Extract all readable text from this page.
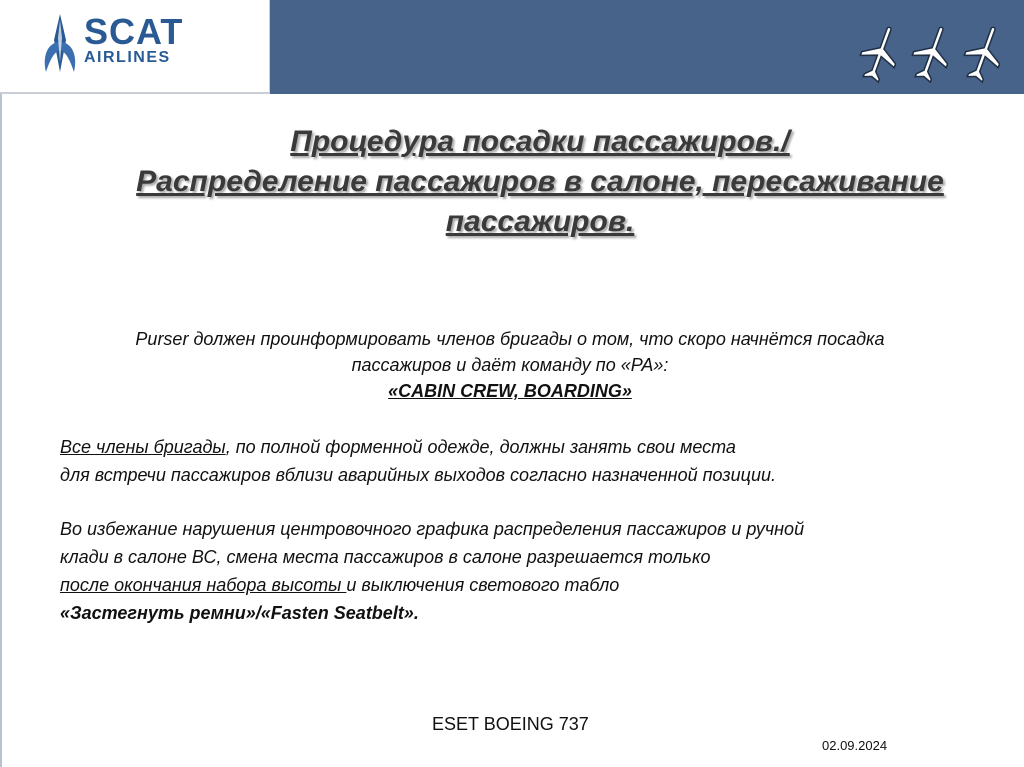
SCAT
AIRLINES
Процедура посадки пассажиров./
Распределение пассажиров в салоне, пересаживание
пассажиров.
Purser должен проинформировать членов бригады о том, что скоро начнётся посадка
пассажиров и даёт команду по «PA»:
«CABIN CREW, BOARDING»
Все члены бригады, по полной форменной одежде, должны занять свои места
для встречи пассажиров вблизи аварийных выходов согласно назначенной позиции.
Во избежание нарушения центровочного графика распределения пассажиров и ручной
клади в салоне ВС, смена места пассажиров в салоне разрешается только
после окончания набора высоты и выключения светового табло
«Застегнуть ремни»/«Fasten Seatbelt».
ESET BOEING 737
02.09.2024
